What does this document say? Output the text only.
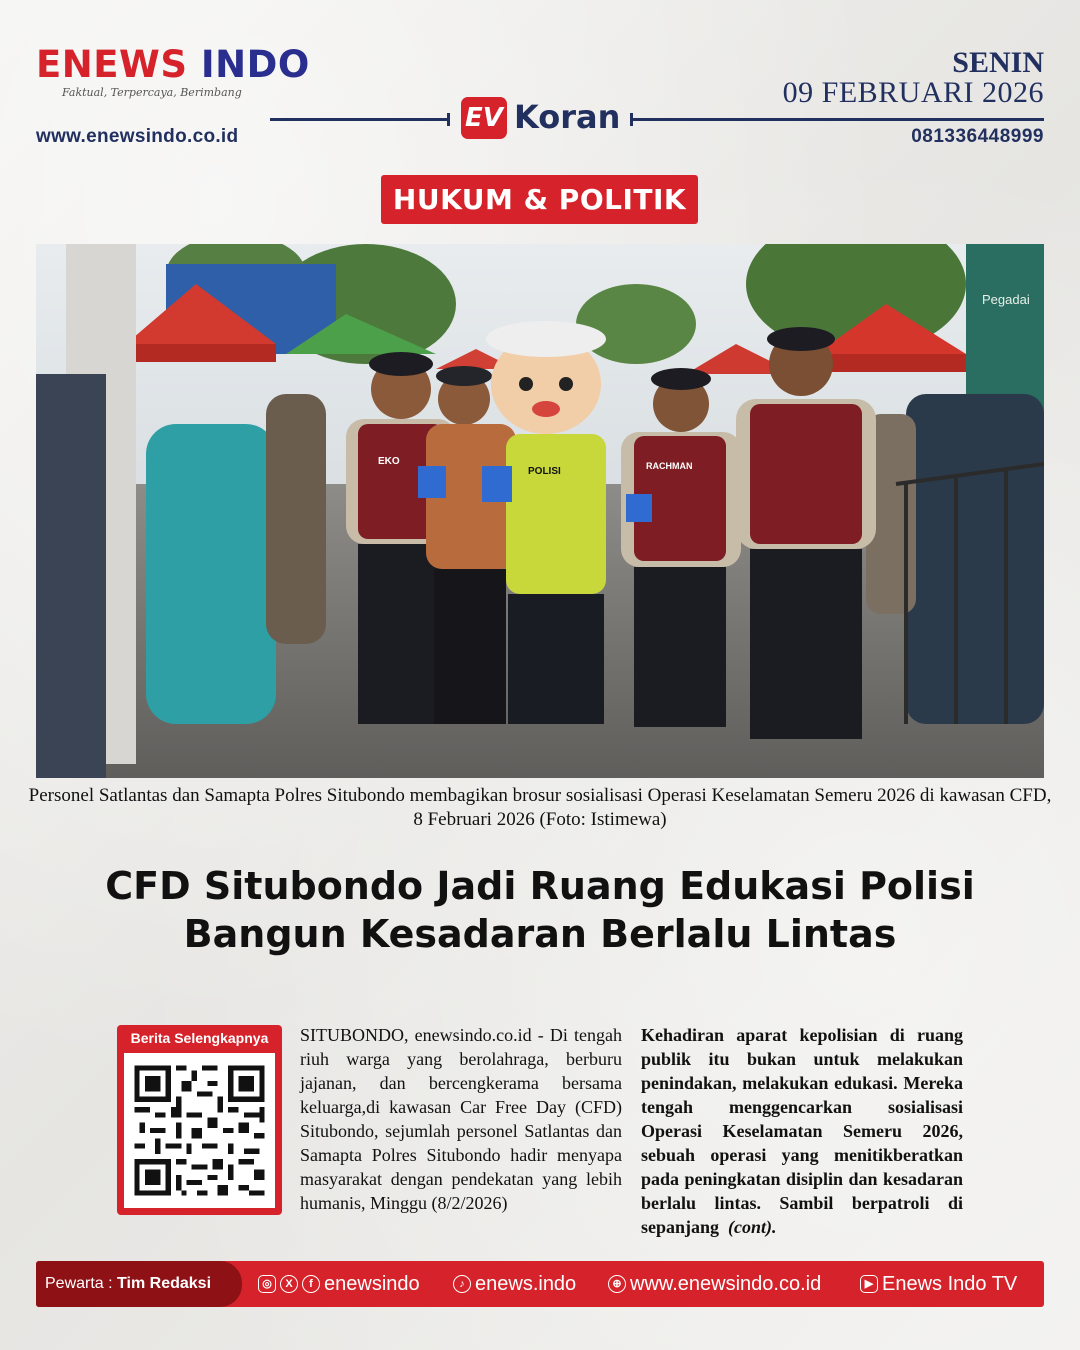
ENEWS INDO
Faktual, Terpercaya, Berimbang
www.enewsindo.co.id	081336448999
SENIN
09 FEBRUARI 2026
EV Koran
HUKUM & POLITIK
Pegadai
EKO
POLISI	RACHMAN
Personel Satlantas dan Samapta Polres Situbondo membagikan brosur sosialisasi Operasi Keselamatan Semeru 2026 di kawasan CFD, 8 Februari 2026 (Foto: Istimewa)
CFD Situbondo Jadi Ruang Edukasi Polisi
Bangun Kesadaran Berlalu Lintas
Berita Selengkapnya	SITUBONDO, enewsindo.co.id - Di tengah riuh warga yang berolahraga, berburu jajanan, dan bercengkerama bersama keluarga,di kawasan Car Free Day (CFD) Situbondo, sejumlah personel Satlantas dan Samapta Polres Situbondo hadir menyapa masyarakat dengan pendekatan yang lebih humanis, Minggu (8/2/2026)
Kehadiran aparat kepolisian di ruang publik itu bukan untuk melakukan penindakan, melakukan edukasi. Mereka tengah menggencarkan sosialisasi Operasi Keselamatan Semeru 2026, sebuah operasi yang menitikberatkan pada peningkatan disiplin dan kesadaran berlalu lintas. Sambil berpatroli di sepanjang (cont).
Pewarta : Tim Redaksi	◎	X	f enewsindo	♪ enews.indo	⊕ www.enewsindo.co.id	▶ Enews Indo TV
